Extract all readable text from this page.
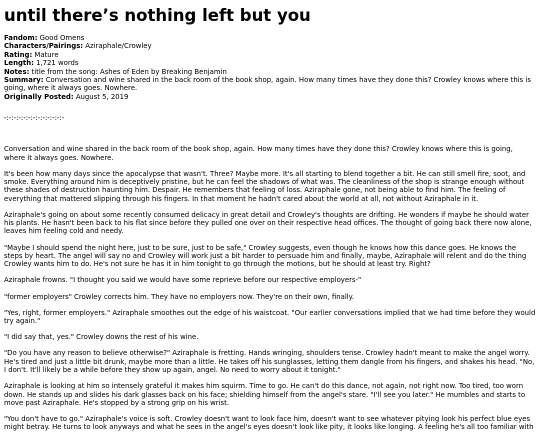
until there’s nothing left but you
Fandom: Good Omens
Characters/Pairings: Aziraphale/Crowley
Rating: Mature
Length: 1,721 words
Notes: title from the song: Ashes of Eden by Breaking Benjamin
Summary: Conversation and wine shared in the back room of the book shop, again. How many times have they done this? Crowley knows where this is going, where it always goes. Nowhere.
Originally Posted: August 5, 2019
-:-:-:-:-:-:-:-:-:-:-:-:-

Conversation and wine shared in the back room of the book shop, again. How many times have they done this? Crowley knows where this is going, where it always goes. Nowhere.

It's been how many days since the apocalypse that wasn't. Three? Maybe more. It's all starting to blend together a bit. He can still smell fire, soot, and smoke. Everything around him is deceptively pristine, but he can feel the shadows of what was. The cleanliness of the shop is strange enough without these shades of destruction haunting him. Despair. He remembers that feeling of loss. Aziraphale gone, not being able to find him. The feeling of everything that mattered slipping through his fingers. In that moment he hadn't cared about the world at all, not without Aziraphale in it.

Aziraphale's going on about some recently consumed delicacy in great detail and Crowley's thoughts are drifting. He wonders if maybe he should water his plants. He hasn't been back to his flat since before they pulled one over on their respective head offices. The thought of going back there now alone, leaves him feeling cold and needy.

"Maybe I should spend the night here, just to be sure, just to be safe," Crowley suggests, even though he knows how this dance goes. He knows the steps by heart. The angel will say no and Crowley will work just a bit harder to persuade him and finally, maybe, Aziraphale will relent and do the thing Crowley wants him to do. He's not sure he has it in him tonight to go through the motions, but he should at least try. Right?

Aziraphale frowns. "I thought you said we would have some reprieve before our respective employers-"

"former employers" Crowley corrects him. They have no employers now. They're on their own, finally.

"Yes, right, former employers." Aziraphale smoothes out the edge of his waistcoat. "Our earlier conversations implied that we had time before they would try again."

"I did say that, yes." Crowley downs the rest of his wine.

"Do you have any reason to believe otherwise?" Aziraphale is fretting. Hands wringing, shoulders tense. Crowley hadn't meant to make the angel worry. He's tired and just a little bit drunk, maybe more than a little. He takes off his sunglasses, letting them dangle from his fingers, and shakes his head. "No, I don't. It'll likely be a while before they show up again, angel. No need to worry about it tonight."

Aziraphale is looking at him so intensely grateful it makes him squirm. Time to go. He can't do this dance, not again, not right now. Too tired, too worn down. He stands up and slides his dark glasses back on his face; shielding himself from the angel's stare. "I'll see you later." He mumbles and starts to move past Aziraphale. He's stopped by a strong grip on his wrist.

"You don't have to go." Aziraphale's voice is soft. Crowley doesn't want to look face him, doesn't want to see whatever pitying look his perfect blue eyes might betray. He turns to look anyways and what he sees in the angel's eyes doesn't look like pity, it looks like longing. A feeling he's all too familiar with
